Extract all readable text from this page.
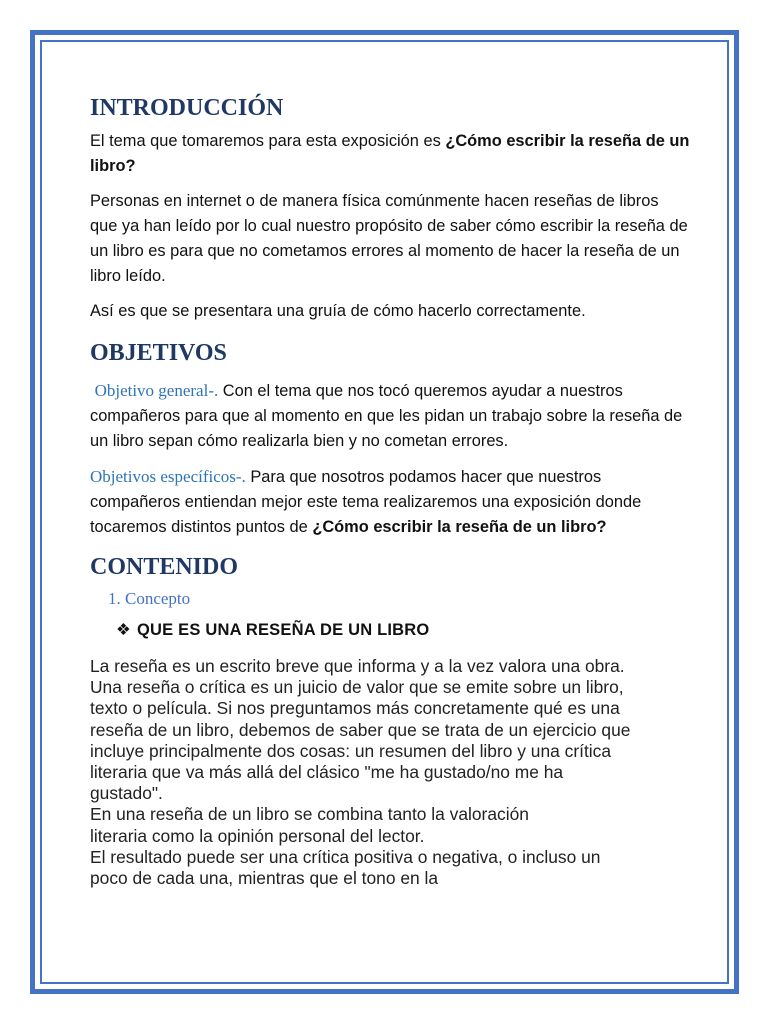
INTRODUCCIÓN

El tema que tomaremos para esta exposición es ¿Cómo escribir la reseña de un libro?

Personas en internet o de manera física comúnmente hacen reseñas de libros que ya han leído por lo cual nuestro propósito de saber cómo escribir la reseña de un libro es para que no cometamos errores al momento de hacer la reseña de un libro leído.

Así es que se presentara una gruía de cómo hacerlo correctamente.

OBJETIVOS

Objetivo general-. Con el tema que nos tocó queremos ayudar a nuestros compañeros para que al momento en que les pidan un trabajo sobre la reseña de un libro sepan cómo realizarla bien y no cometan errores.

Objetivos específicos-. Para que nosotros podamos hacer que nuestros compañeros entiendan mejor este tema realizaremos una exposición donde tocaremos distintos puntos de ¿Cómo escribir la reseña de un libro?

CONTENIDO
1. Concepto
❖ QUE ES UNA RESEÑA DE UN LIBRO
La reseña es un escrito breve que informa y a la vez valora una obra.
Una reseña o crítica es un juicio de valor que se emite sobre un libro,
texto o película. Si nos preguntamos más concretamente qué es una
reseña de un libro, debemos de saber que se trata de un ejercicio que
incluye principalmente dos cosas: un resumen del libro y una crítica
literaria que va más allá del clásico "me ha gustado/no me ha
gustado".
En una reseña de un libro se combina tanto la valoración
literaria como la opinión personal del lector.
El resultado puede ser una crítica positiva o negativa, o incluso un
poco de cada una, mientras que el tono en la
